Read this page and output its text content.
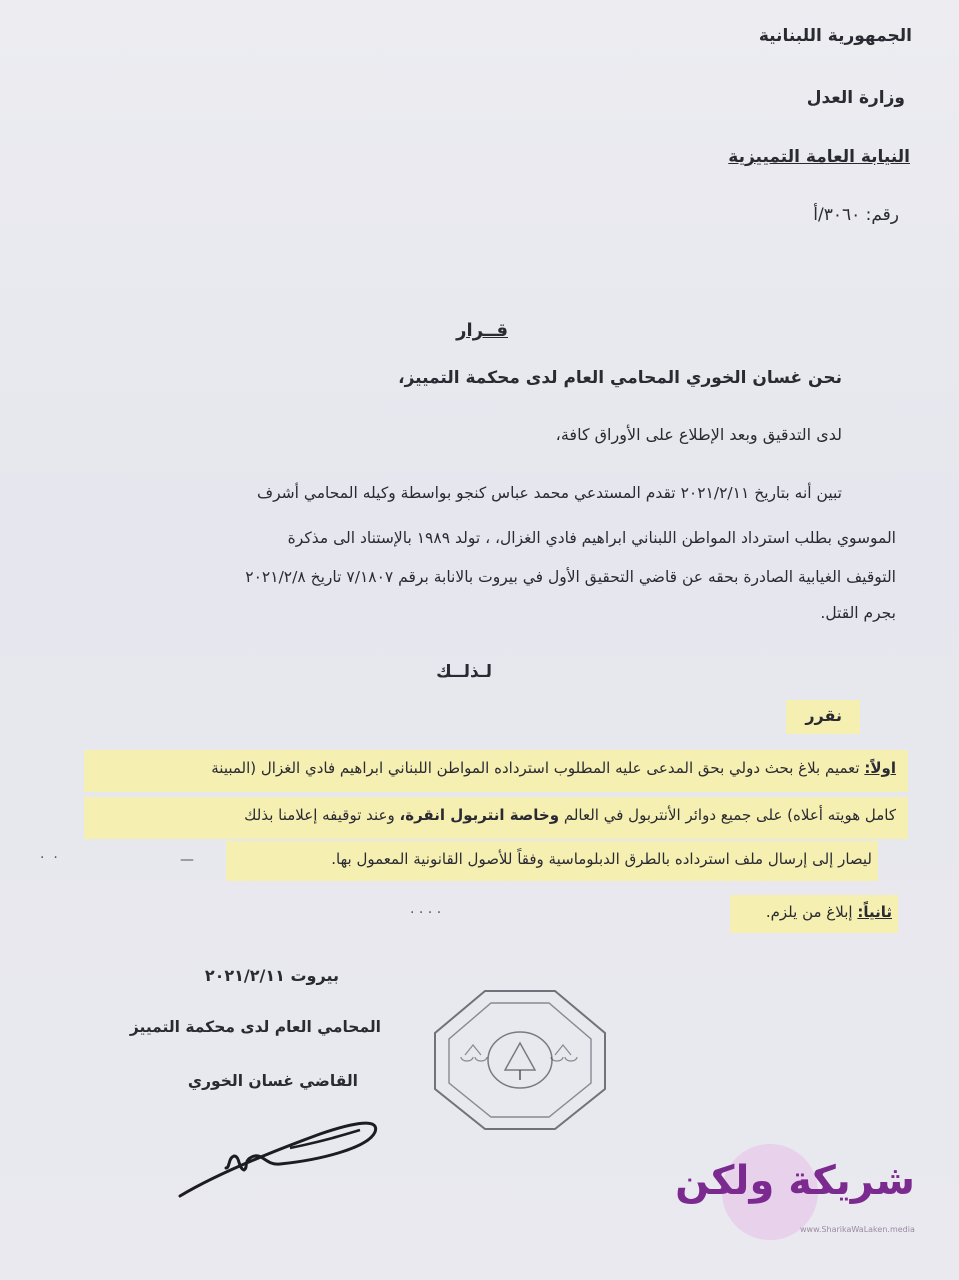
الجمهورية اللبنانية
وزارة العدل
النيابة العامة التمييزية
رقم: ٣٠٦٠/أ
قــرار
نحن غسان الخوري المحامي العام لدى محكمة التمييز،
لدى التدقيق وبعد الإطلاع على الأوراق كافة،
تبين أنه بتاريخ ٢٠٢١/٢/١١ تقدم المستدعي محمد عباس كنجو بواسطة وكيله المحامي أشرف
الموسوي بطلب استرداد المواطن اللبناني ابراهيم فادي الغزال، ، تولد ١٩٨٩ بالإستناد الى مذكرة
التوقيف الغيابية الصادرة بحقه عن قاضي التحقيق الأول في بيروت بالانابة برقم ٧/١٨٠٧ تاريخ ٢٠٢١/٢/٨
بجرم القتل.
لـذلــك
نقرر
اولاً: تعميم بلاغ بحث دولي بحق المدعى عليه المطلوب استرداده المواطن اللبناني ابراهيم فادي الغزال (المبينة
كامل هويته أعلاه) على جميع دوائر الأنتربول في العالم وخاصة انتربول انقرة، وعند توقيفه إعلامنا بذلك
ليصار إلى إرسال ملف استرداده بالطرق الدبلوماسية وفقاً للأصول القانونية المعمول بها.
ثانياً: إبلاغ من يلزم.
—
· · · ·
·  ·
بيروت ٢٠٢١/٢/١١
المحامي العام لدى محكمة التمييز
القاضي غسان الخوري
شريكة ولكن
www.SharikaWaLaken.media
